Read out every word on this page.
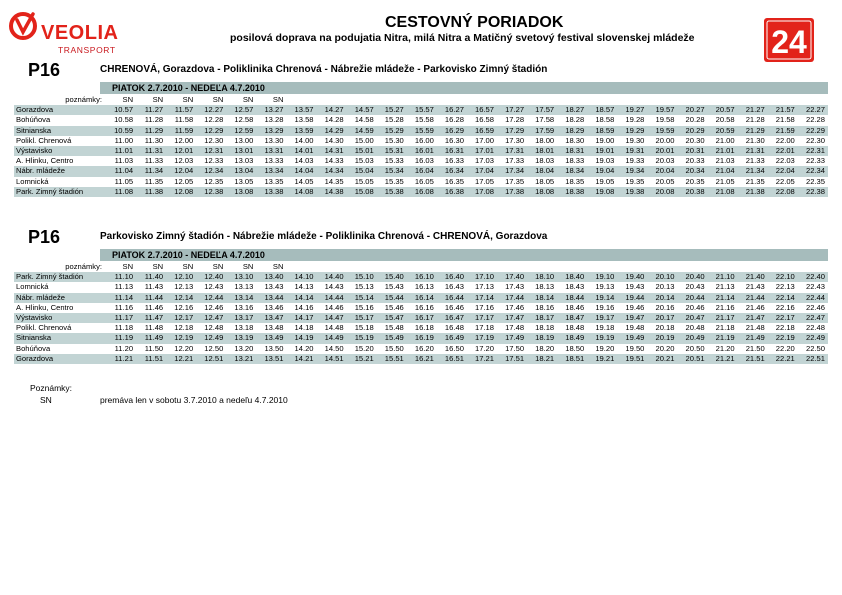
VEOLIA
TRANSPORT
CESTOVNÝ PORIADOK
posilová doprava na podujatia Nitra, milá Nitra a Matičný svetový festival slovenskej mládeže	24
P16	CHRENOVÁ, Gorazdova - Poliklinika Chrenová - Nábrežie mládeže - Parkovisko Zimný štadión
PIATOK 2.7.2010 - NEDEĽA 4.7.2010
poznámky:	SN	SN	SN	SN	SN	SN																		
Gorazdova	10.57	11.27	11.57	12.27	12.57	13.27	13.57	14.27	14.57	15.27	15.57	16.27	16.57	17.27	17.57	18.27	18.57	19.27	19.57	20.27	20.57	21.27	21.57	22.27
Bohúňova	10.58	11.28	11.58	12.28	12.58	13.28	13.58	14.28	14.58	15.28	15.58	16.28	16.58	17.28	17.58	18.28	18.58	19.28	19.58	20.28	20.58	21.28	21.58	22.28
Sitnianska	10.59	11.29	11.59	12.29	12.59	13.29	13.59	14.29	14.59	15.29	15.59	16.29	16.59	17.29	17.59	18.29	18.59	19.29	19.59	20.29	20.59	21.29	21.59	22.29
Polikl. Chrenová	11.00	11.30	12.00	12.30	13.00	13.30	14.00	14.30	15.00	15.30	16.00	16.30	17.00	17.30	18.00	18.30	19.00	19.30	20.00	20.30	21.00	21.30	22.00	22.30
Výstavisko	11.01	11.31	12.01	12.31	13.01	13.31	14.01	14.31	15.01	15.31	16.01	16.31	17.01	17.31	18.01	18.31	19.01	19.31	20.01	20.31	21.01	21.31	22.01	22.31
A. Hlinku, Centro	11.03	11.33	12.03	12.33	13.03	13.33	14.03	14.33	15.03	15.33	16.03	16.33	17.03	17.33	18.03	18.33	19.03	19.33	20.03	20.33	21.03	21.33	22.03	22.33
Nábr. mládeže	11.04	11.34	12.04	12.34	13.04	13.34	14.04	14.34	15.04	15.34	16.04	16.34	17.04	17.34	18.04	18.34	19.04	19.34	20.04	20.34	21.04	21.34	22.04	22.34
Lomnická	11.05	11.35	12.05	12.35	13.05	13.35	14.05	14.35	15.05	15.35	16.05	16.35	17.05	17.35	18.05	18.35	19.05	19.35	20.05	20.35	21.05	21.35	22.05	22.35
Park. Zimný štadión	11.08	11.38	12.08	12.38	13.08	13.38	14.08	14.38	15.08	15.38	16.08	16.38	17.08	17.38	18.08	18.38	19.08	19.38	20.08	20.38	21.08	21.38	22.08	22.38
P16	Parkovisko Zimný štadión - Nábrežie mládeže - Poliklinika Chrenová - CHRENOVÁ, Gorazdova
PIATOK 2.7.2010 - NEDEĽA 4.7.2010
poznámky:	SN	SN	SN	SN	SN	SN																		
Park. Zimný štadión	11.10	11.40	12.10	12.40	13.10	13.40	14.10	14.40	15.10	15.40	16.10	16.40	17.10	17.40	18.10	18.40	19.10	19.40	20.10	20.40	21.10	21.40	22.10	22.40
Lomnická	11.13	11.43	12.13	12.43	13.13	13.43	14.13	14.43	15.13	15.43	16.13	16.43	17.13	17.43	18.13	18.43	19.13	19.43	20.13	20.43	21.13	21.43	22.13	22.43
Nábr. mládeže	11.14	11.44	12.14	12.44	13.14	13.44	14.14	14.44	15.14	15.44	16.14	16.44	17.14	17.44	18.14	18.44	19.14	19.44	20.14	20.44	21.14	21.44	22.14	22.44
A. Hlinku, Centro	11.16	11.46	12.16	12.46	13.16	13.46	14.16	14.46	15.16	15.46	16.16	16.46	17.16	17.46	18.16	18.46	19.16	19.46	20.16	20.46	21.16	21.46	22.16	22.46
Výstavisko	11.17	11.47	12.17	12.47	13.17	13.47	14.17	14.47	15.17	15.47	16.17	16.47	17.17	17.47	18.17	18.47	19.17	19.47	20.17	20.47	21.17	21.47	22.17	22.47
Polikl. Chrenová	11.18	11.48	12.18	12.48	13.18	13.48	14.18	14.48	15.18	15.48	16.18	16.48	17.18	17.48	18.18	18.48	19.18	19.48	20.18	20.48	21.18	21.48	22.18	22.48
Sitnianska	11.19	11.49	12.19	12.49	13.19	13.49	14.19	14.49	15.19	15.49	16.19	16.49	17.19	17.49	18.19	18.49	19.19	19.49	20.19	20.49	21.19	21.49	22.19	22.49
Bohúňova	11.20	11.50	12.20	12.50	13.20	13.50	14.20	14.50	15.20	15.50	16.20	16.50	17.20	17.50	18.20	18.50	19.20	19.50	20.20	20.50	21.20	21.50	22.20	22.50
Gorazdova	11.21	11.51	12.21	12.51	13.21	13.51	14.21	14.51	15.21	15.51	16.21	16.51	17.21	17.51	18.21	18.51	19.21	19.51	20.21	20.51	21.21	21.51	22.21	22.51
Poznámky:
SN	premáva len v sobotu 3.7.2010 a nedeľu 4.7.2010
